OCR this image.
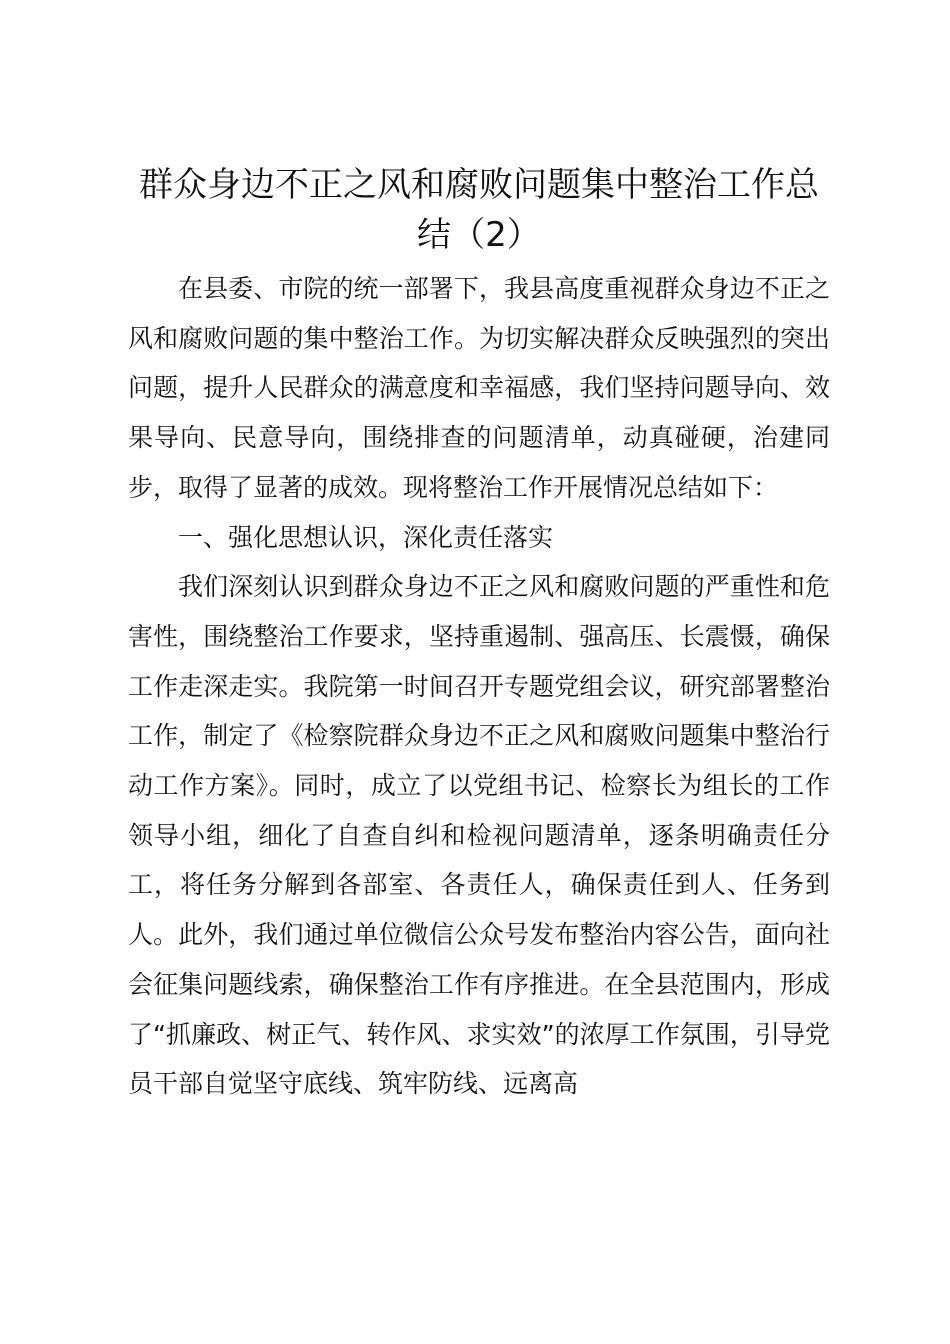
群众身边不正之风和腐败问题集中整治工作总结（2）

在县委、市院的统一部署下，我县高度重视群众身边不正之风和腐败问题的集中整治工作。为切实解决群众反映强烈的突出问题，提升人民群众的满意度和幸福感，我们坚持问题导向、效果导向、民意导向，围绕排查的问题清单，动真碰硬，治建同步，取得了显著的成效。现将整治工作开展情况总结如下：

一、强化思想认识，深化责任落实

我们深刻认识到群众身边不正之风和腐败问题的严重性和危害性，围绕整治工作要求，坚持重遏制、强高压、长震慑，确保工作走深走实。我院第一时间召开专题党组会议，研究部署整治工作，制定了《检察院群众身边不正之风和腐败问题集中整治行动工作方案》。同时，成立了以党组书记、检察长为组长的工作领导小组，细化了自查自纠和检视问题清单，逐条明确责任分工，将任务分解到各部室、各责任人，确保责任到人、任务到人。此外，我们通过单位微信公众号发布整治内容公告，面向社会征集问题线索，确保整治工作有序推进。在全县范围内，形成了“抓廉政、树正气、转作风、求实效”的浓厚工作氛围，引导党员干部自觉坚守底线、筑牢防线、远离高
